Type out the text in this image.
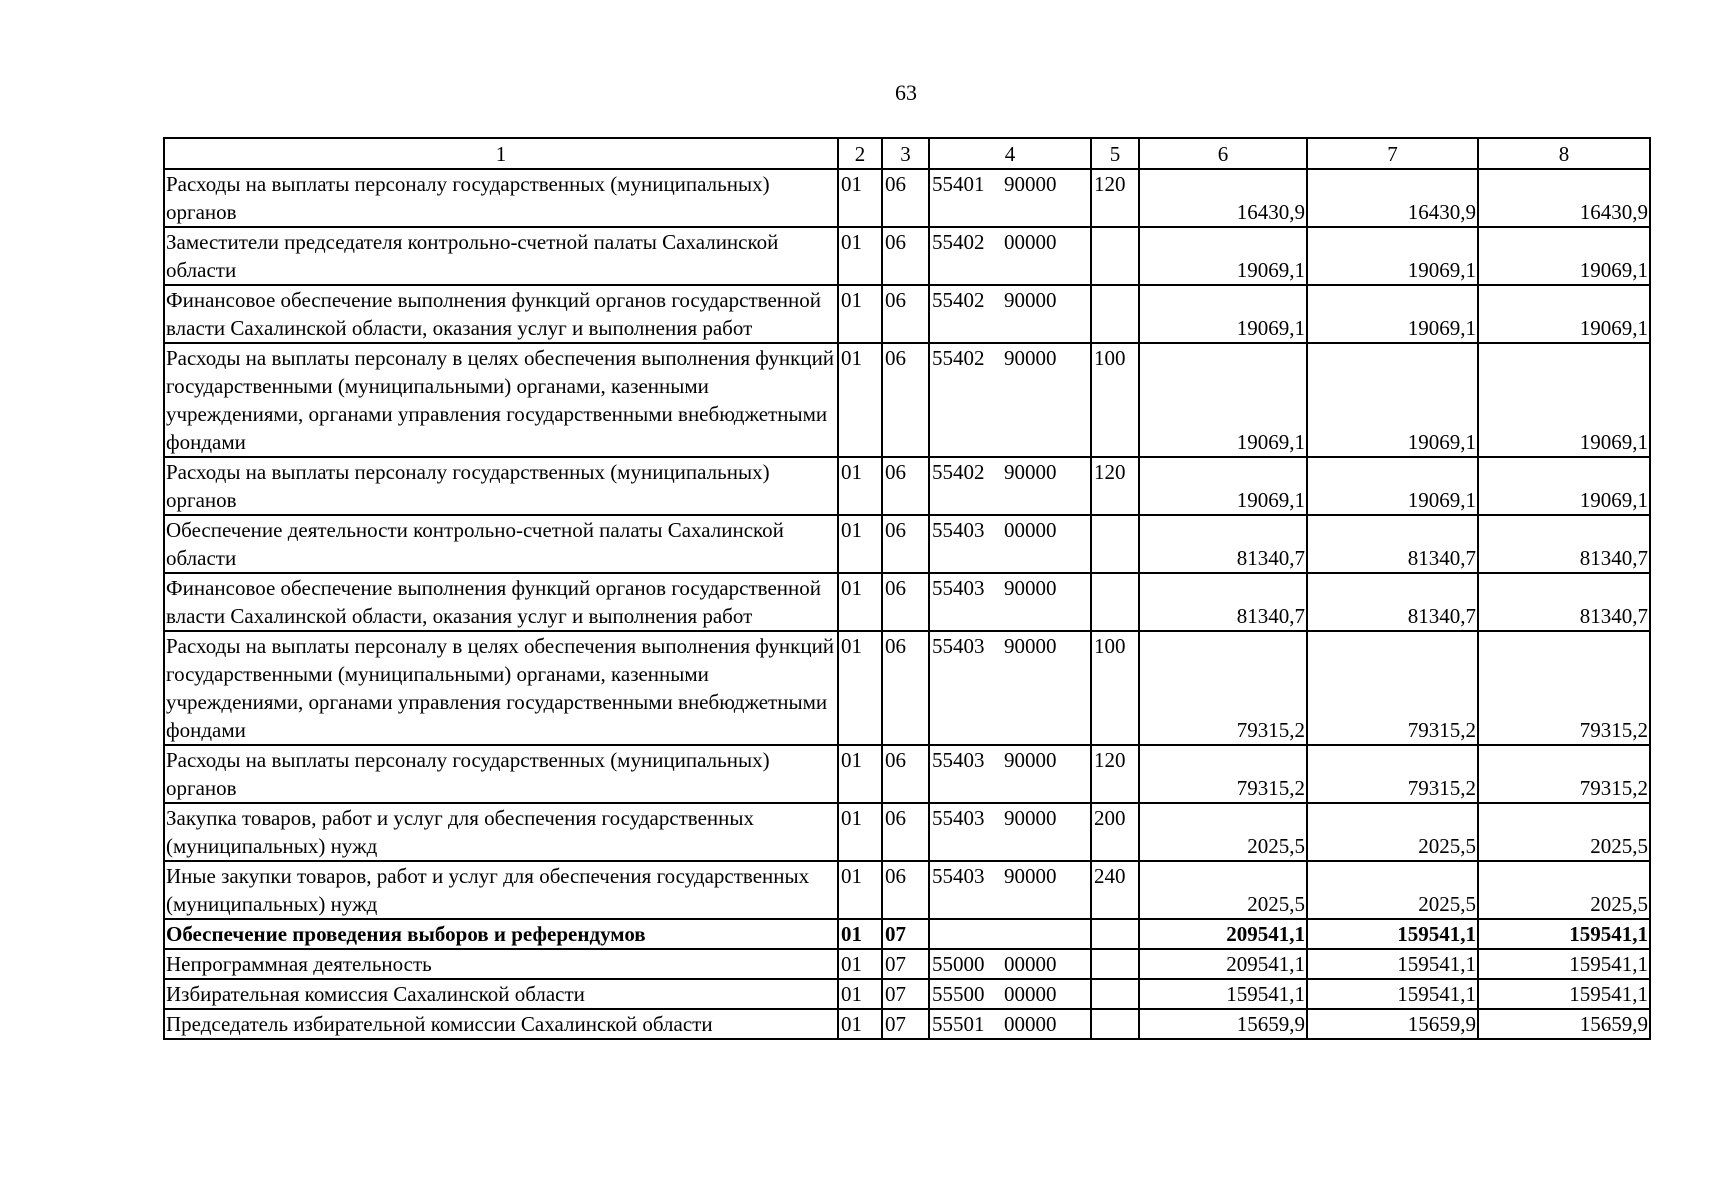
63
1	2	3	4	5	6	7	8
Расходы на выплаты персоналу государственных (муниципальных) органов	01	06	55401 90000	120	16430,9	16430,9	16430,9
Заместители председателя контрольно-счетной палаты Сахалинской области	01	06	55402 00000		19069,1	19069,1	19069,1
Финансовое обеспечение выполнения функций органов государственной власти Сахалинской области, оказания услуг и выполнения работ	01	06	55402 90000		19069,1	19069,1	19069,1
Расходы на выплаты персоналу в целях обеспечения выполнения функций государственными (муниципальными) органами, казенными учреждениями, органами управления государственными внебюджетными фондами	01	06	55402 90000	100	19069,1	19069,1	19069,1
Расходы на выплаты персоналу государственных (муниципальных) органов	01	06	55402 90000	120	19069,1	19069,1	19069,1
Обеспечение деятельности контрольно-счетной палаты Сахалинской области	01	06	55403 00000		81340,7	81340,7	81340,7
Финансовое обеспечение выполнения функций органов государственной власти Сахалинской области, оказания услуг и выполнения работ	01	06	55403 90000		81340,7	81340,7	81340,7
Расходы на выплаты персоналу в целях обеспечения выполнения функций государственными (муниципальными) органами, казенными учреждениями, органами управления государственными внебюджетными фондами	01	06	55403 90000	100	79315,2	79315,2	79315,2
Расходы на выплаты персоналу государственных (муниципальных) органов	01	06	55403 90000	120	79315,2	79315,2	79315,2
Закупка товаров, работ и услуг для обеспечения государственных (муниципальных) нужд	01	06	55403 90000	200	2025,5	2025,5	2025,5
Иные закупки товаров, работ и услуг для обеспечения государственных (муниципальных) нужд	01	06	55403 90000	240	2025,5	2025,5	2025,5
Обеспечение проведения выборов и референдумов	01	07			209541,1	159541,1	159541,1
Непрограммная деятельность	01	07	55000 00000		209541,1	159541,1	159541,1
Избирательная комиссия Сахалинской области	01	07	55500 00000		159541,1	159541,1	159541,1
Председатель избирательной комиссии Сахалинской области	01	07	55501 00000		15659,9	15659,9	15659,9
